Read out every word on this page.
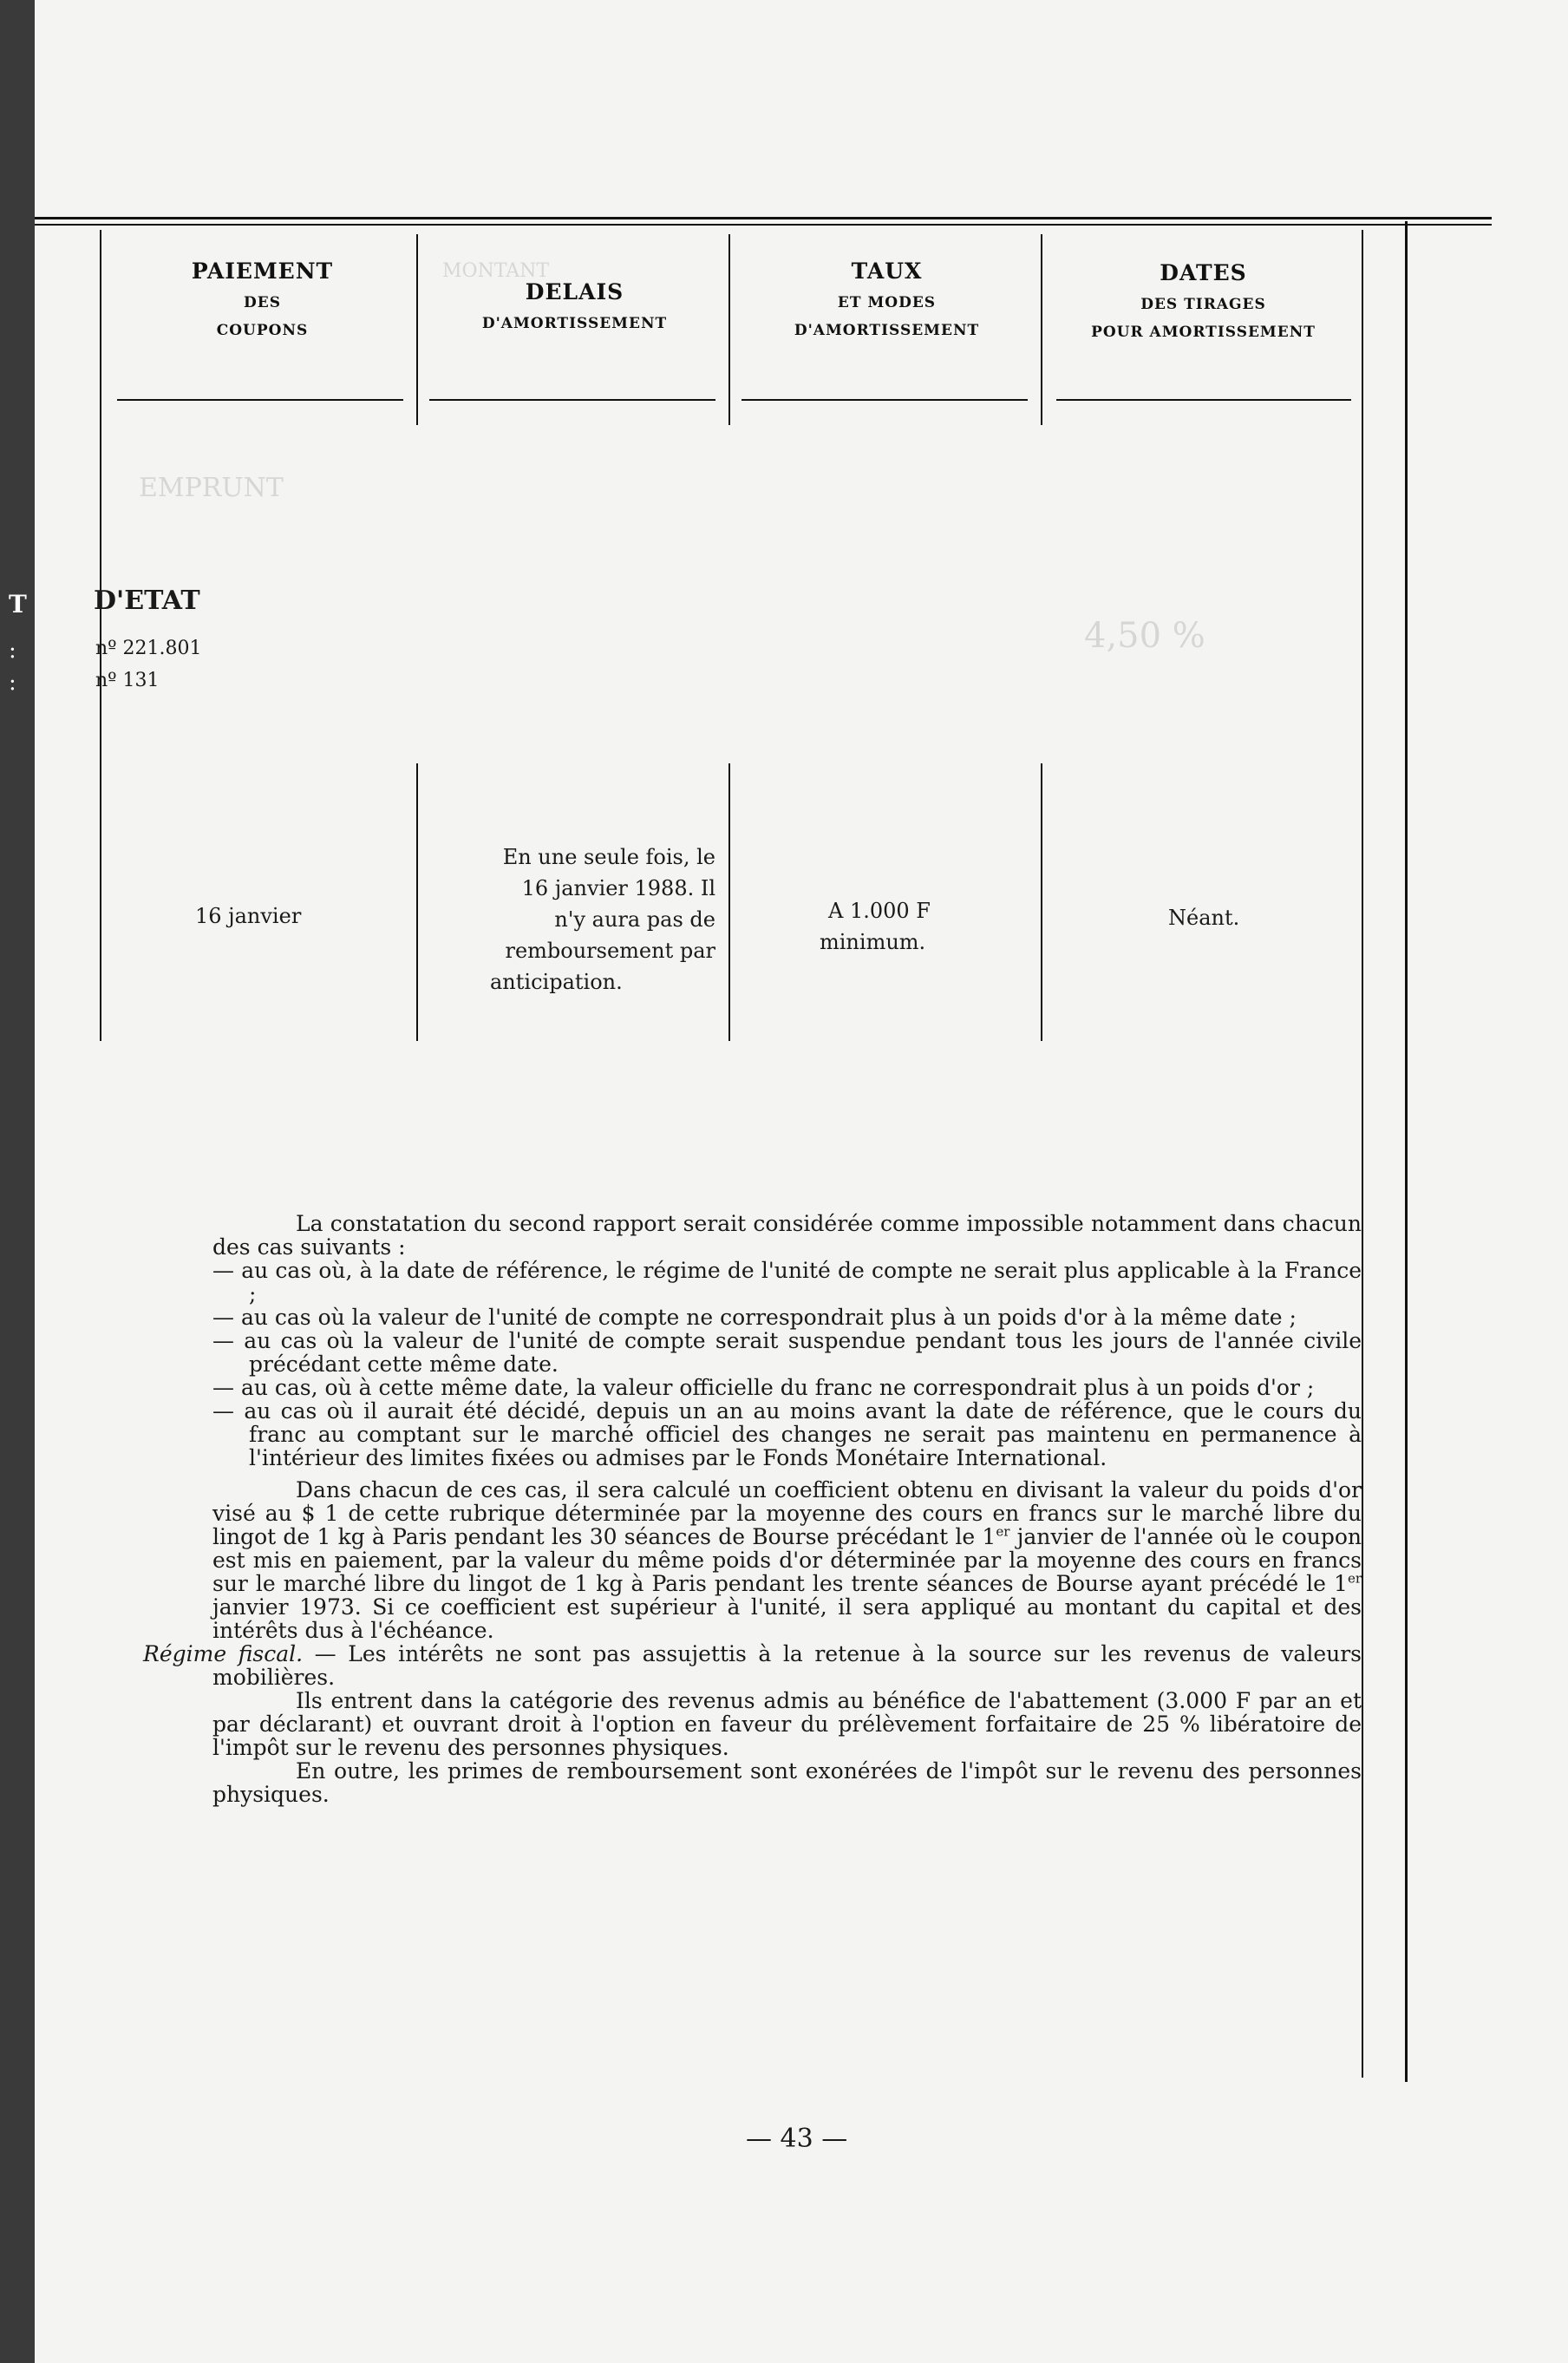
PAIEMENT
DES
COUPONS
DELAIS
D'AMORTISSEMENT
TAUX
ET MODES
D'AMORTISSEMENT
DATES
DES TIRAGES
POUR AMORTISSEMENT
D'ETAT
nº 221.801
nº 131
T
:
:
MONTANT
EMPRUNT
4,50 %
16 janvier
En une seule fois, le
16 janvier 1988. Il
n'y aura pas de
remboursement par
anticipation.
A 1.000 F
minimum.
Néant.

La constatation du second rapport serait considérée comme impossible notamment dans chacun des cas suivants :

— au cas où, à la date de référence, le régime de l'unité de compte ne serait plus applicable à la France ;

— au cas où la valeur de l'unité de compte ne correspondrait plus à un poids d'or à la même date ;

— au cas où la valeur de l'unité de compte serait suspendue pendant tous les jours de l'année civile précédant cette même date.

— au cas, où à cette même date, la valeur officielle du franc ne correspondrait plus à un poids d'or ;

— au cas où il aurait été décidé, depuis un an au moins avant la date de référence, que le cours du franc au comptant sur le marché officiel des changes ne serait pas maintenu en permanence à l'intérieur des limites fixées ou admises par le Fonds Monétaire International.

Dans chacun de ces cas, il sera calculé un coefficient obtenu en divisant la valeur du poids d'or visé au $ 1 de cette rubrique déterminée par la moyenne des cours en francs sur le marché libre du lingot de 1 kg à Paris pendant les 30 séances de Bourse précédant le 1er janvier de l'année où le coupon est mis en paiement, par la valeur du même poids d'or déterminée par la moyenne des cours en francs sur le marché libre du lingot de 1 kg à Paris pendant les trente séances de Bourse ayant précédé le 1er janvier 1973. Si ce coefficient est supérieur à l'unité, il sera appliqué au montant du capital et des intérêts dus à l'échéance.

Régime fiscal. — Les intérêts ne sont pas assujettis à la retenue à la source sur les revenus de valeurs mobilières.

Ils entrent dans la catégorie des revenus admis au bénéfice de l'abattement (3.000 F par an et par déclarant) et ouvrant droit à l'option en faveur du prélèvement forfaitaire de 25 % libératoire de l'impôt sur le revenu des personnes physiques.

En outre, les primes de remboursement sont exonérées de l'impôt sur le revenu des personnes physiques.

— 43 —
